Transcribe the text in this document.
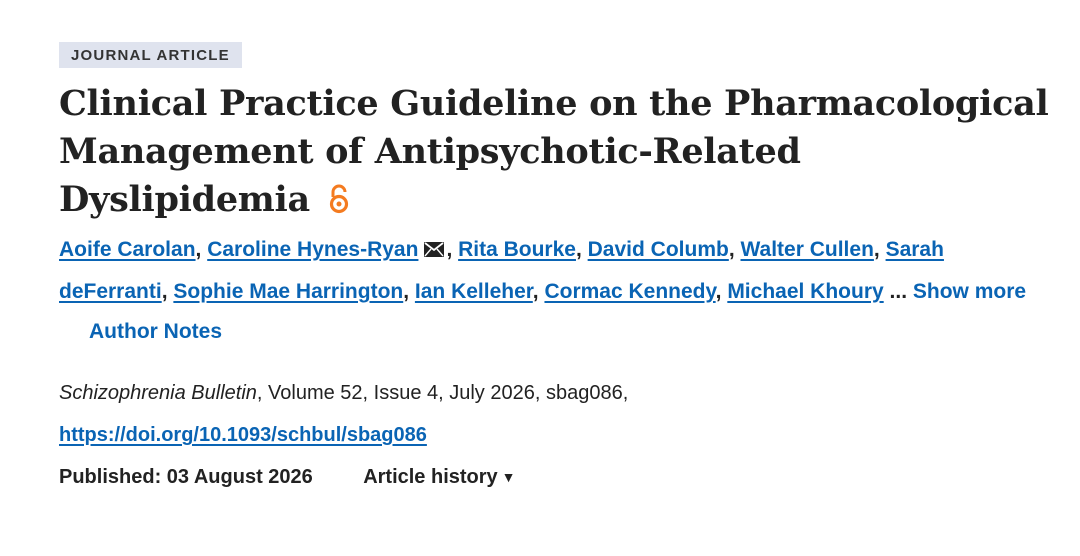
JOURNAL ARTICLE
Clinical Practice Guideline on the Pharmacological
Management of Antipsychotic-Related
Dyslipidemia
Aoife Carolan, Caroline Hynes-Ryan , Rita Bourke, David Columb, Walter Cullen, Sarah deFerranti, Sophie Mae Harrington, Ian Kelleher, Cormac Kennedy, Michael Khoury ... Show more
Author Notes
Schizophrenia Bulletin, Volume 52, Issue 4, July 2026, sbag086,
https://doi.org/10.1093/schbul/sbag086
Published: 03 August 2026	Article history ▼
